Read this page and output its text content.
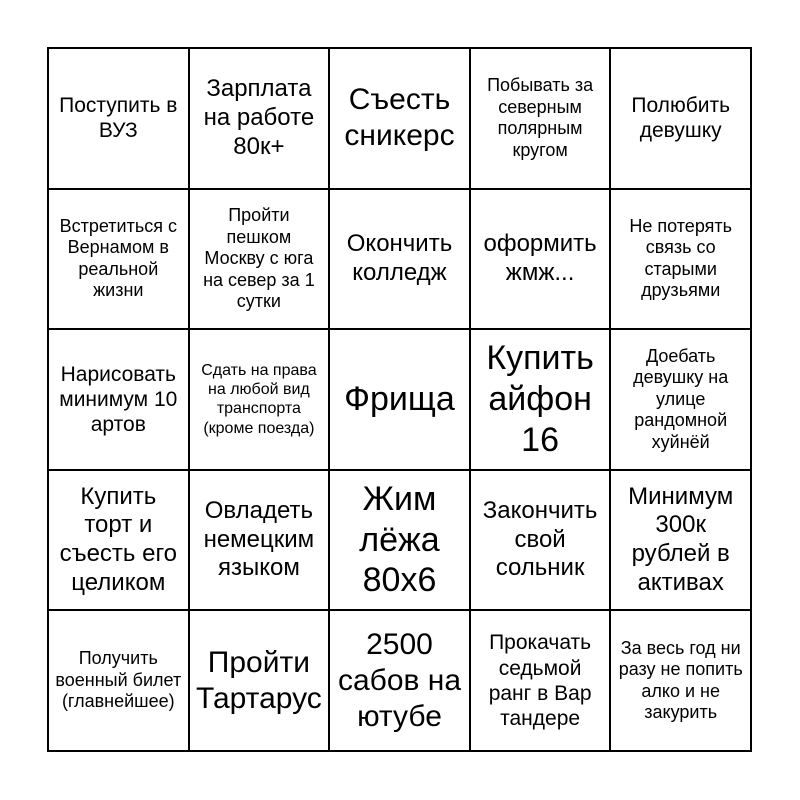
Поступить в ВУЗ
Зарплата на работе 80к+
Съесть сникерс
Побывать за северным полярным кругом
Полюбить девушку
Встретиться с Вернамом в реальной жизни
Пройти пешком Москву с юга на север за 1 сутки
Окончить колледж
оформить жмж...
Не потерять связь со старыми друзьями
Нарисовать минимум 10 артов
Сдать на права на любой вид транспорта (кроме поезда)
Фрища
Купить айфон 16
Доебать девушку на улице рандомной хуйнёй
Купить торт и съесть его целиком
Овладеть немецким языком
Жим лёжа 80x6
Закончить свой сольник
Минимум 300к рублей в активах
Получить военный билет (главнейшее)
Пройти Тартарус
2500 сабов на ютубе
Прокачать седьмой ранг в Вар тандере
За весь год ни разу не попить алко и не закурить
